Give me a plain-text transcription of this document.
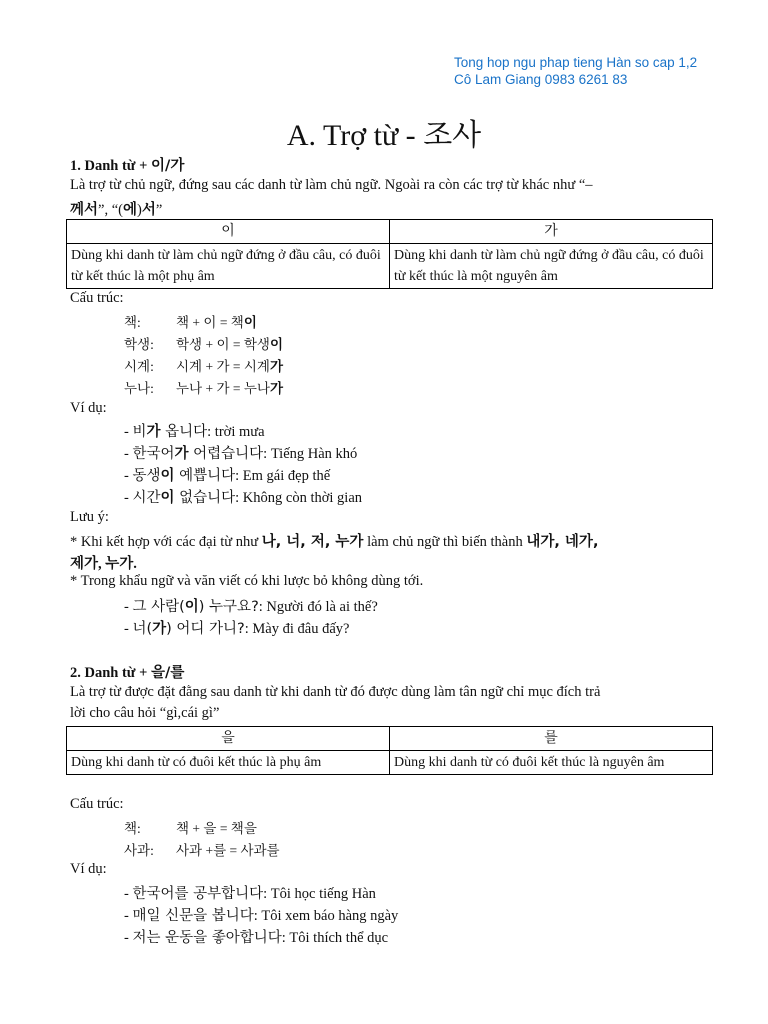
Tong hop ngu phap tieng Hàn so cap 1,2
Cô Lam Giang 0983 6261 83
A. Trợ từ - 조사
1. Danh từ + 이/가
Là trợ từ chủ ngữ, đứng sau các danh từ làm chủ ngữ. Ngoài ra còn các trợ từ khác như “–
께서”, “(에)서”
이	가
Dùng khi danh từ làm chủ ngữ đứng ở đầu câu, có đuôi từ kết thúc là một phụ âm	Dùng khi danh từ làm chủ ngữ đứng ở đầu câu, có đuôi từ kết thúc là một nguyên âm
Cấu trúc:
책:	책 + 이 = 책이
학생: 학생 + 이 = 학생이
시계: 시계 + 가 = 시계가
누나: 누나 + 가 = 누나가
Ví dụ:
- 비가 옵니다: trời mưa
- 한국어가 어렵습니다: Tiếng Hàn khó
- 동생이 예쁩니다: Em gái đẹp thế
- 시간이 없습니다: Không còn thời gian
Lưu ý:
* Khi kết hợp với các đại từ như 나, 너, 저, 누가 làm chủ ngữ thì biến thành 내가, 네가,
제가, 누가.
* Trong khẩu ngữ và văn viết có khi lược bỏ không dùng tới.
- 그 사람(이) 누구요?: Người đó là ai thế?
- 너(가) 어디 가니?: Mày đi đâu đấy?
2. Danh từ + 을/를
Là trợ từ được đặt đằng sau danh từ khi danh từ đó được dùng làm tân ngữ chỉ mục đích trả
lời cho câu hỏi “gì,cái gì”
을	를
Dùng khi danh từ có đuôi kết thúc là phụ âm	Dùng khi danh từ có đuôi kết thúc là nguyên âm
Cấu trúc:
책:	책 + 을 = 책을
사과: 사과 +를 = 사과를
Ví dụ:
- 한국어를 공부합니다: Tôi học tiếng Hàn
- 매일 신문을 봅니다: Tôi xem báo hàng ngày
- 저는 운동을 좋아합니다: Tôi thích thể dục
